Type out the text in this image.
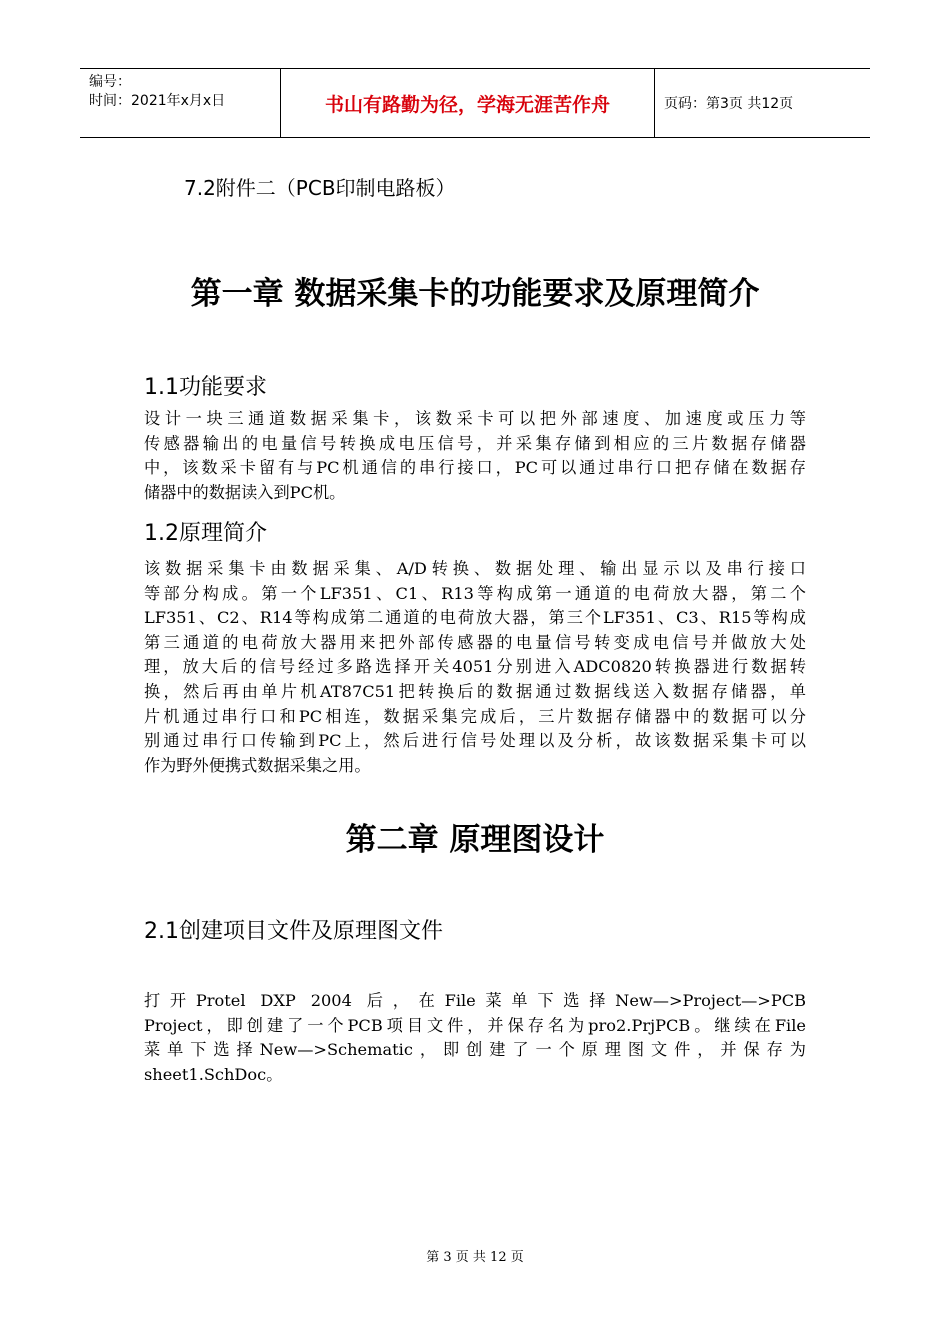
编号：
时间：2021年x月x日	书山有路勤为径，学海无涯苦作舟	页码：第3页 共12页
7.2附件二（PCB印制电路板）
第一章 数据采集卡的功能要求及原理简介
1.1功能要求
设计一块三通道数据采集卡，该数采卡可以把外部速度、加速度或压力等
传感器输出的电量信号转换成电压信号，并采集存储到相应的三片数据存储器
中，该数采卡留有与PC机通信的串行接口，PC可以通过串行口把存储在数据存
储器中的数据读入到PC机。
1.2原理简介
该数据采集卡由数据采集、A/D转换、数据处理、输出显示以及串行接口
等部分构成。第一个LF351、C1、R13等构成第一通道的电荷放大器，第二个
LF351、C2、R14等构成第二通道的电荷放大器，第三个LF351、C3、R15等构成
第三通道的电荷放大器用来把外部传感器的电量信号转变成电信号并做放大处
理，放大后的信号经过多路选择开关4051分别进入ADC0820转换器进行数据转
换，然后再由单片机AT87C51把转换后的数据通过数据线送入数据存储器，单
片机通过串行口和PC相连，数据采集完成后，三片数据存储器中的数据可以分
别通过串行口传输到PC上，然后进行信号处理以及分析，故该数据采集卡可以
作为野外便携式数据采集之用。
第二章 原理图设计
2.1创建项目文件及原理图文件
打开Protel DXP 2004 后，在File菜单下选择New—>Project—>PCB
Project，即创建了一个PCB项目文件，并保存名为pro2.PrjPCB。继续在File
菜单下选择New—>Schematic，即创建了一个原理图文件，并保存为
sheet1.SchDoc。
第 3 页 共 12 页
